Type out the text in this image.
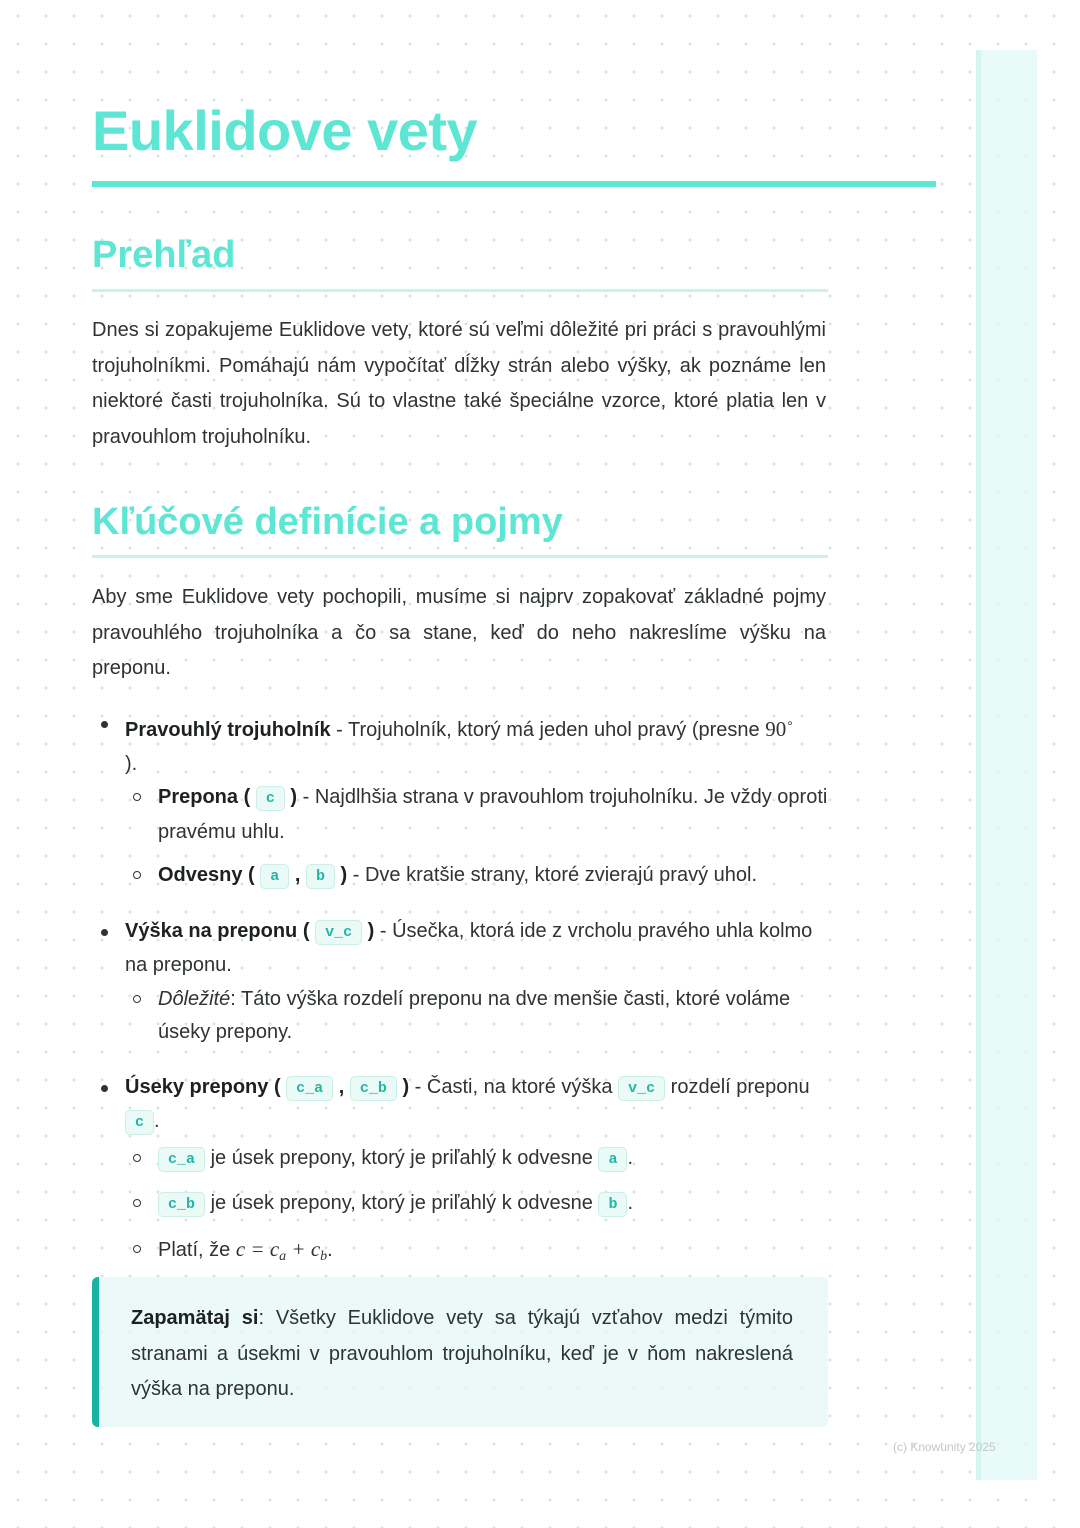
Euklidove vety
Prehľad

Dnes si zopakujeme Euklidove vety, ktoré sú veľmi dôležité pri práci s pravouhlými trojuholníkmi. Pomáhajú nám vypočítať dĺžky strán alebo výšky, ak poznáme len niektoré časti trojuholníka. Sú to vlastne také špeciálne vzorce, ktoré platia len v pravouhlom trojuholníku.

Kľúčové definície a pojmy

Aby sme Euklidove vety pochopili, musíme si najprv zopakovať základné pojmy pravouhlého trojuholníka a čo sa stane, keď do neho nakreslíme výšku na preponu.

Pravouhlý trojuholník - Trojuholník, ktorý má jeden uhol pravý (presne 90∘
).
Prepona ( c ) - Najdlhšia strana v pravouhlom trojuholníku. Je vždy oproti pravému uhlu.
Odvesny ( a , b ) - Dve kratšie strany, ktoré zvierajú pravý uhol.
Výška na preponu ( v_c ) - Úsečka, ktorá ide z vrcholu pravého uhla kolmo na preponu.
Dôležité: Táto výška rozdelí preponu na dve menšie časti, ktoré voláme úseky prepony.
Úseky prepony ( c_a , c_b ) - Časti, na ktoré výška v_c rozdelí preponu c .
c_a je úsek prepony, ktorý je priľahlý k odvesne a .
c_b je úsek prepony, ktorý je priľahlý k odvesne b .
Platí, že $c = c_a + c_b$.

Zapamätaj si: Všetky Euklidove vety sa týkajú vzťahov medzi týmito stranami a úsekmi v pravouhlom trojuholníku, keď je v ňom nakreslená výška na preponu.

(c) Knowunity 2025
